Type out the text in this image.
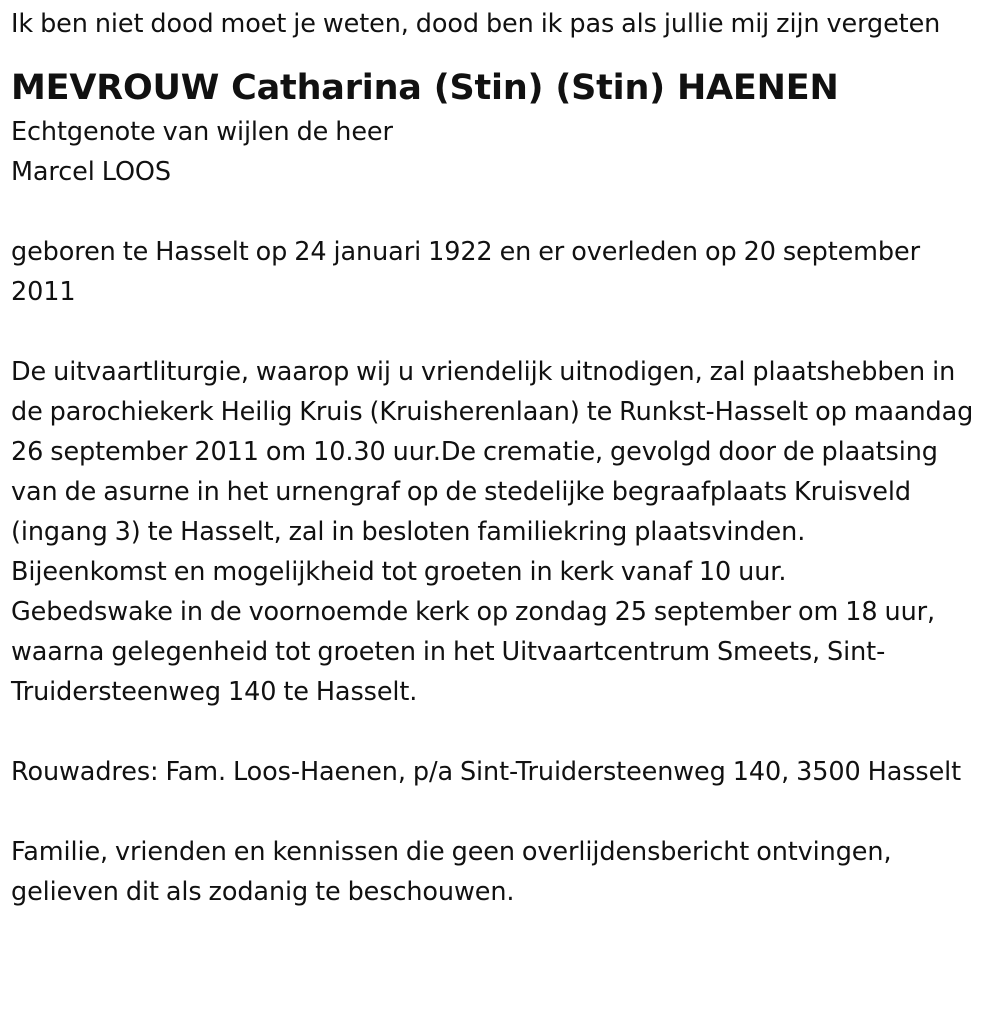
Ik ben niet dood moet je weten, dood ben ik pas als jullie mij zijn vergeten

MEVROUW Catharina (Stin) (Stin) HAENEN

Echtgenote van wijlen de heer

Marcel LOOS

geboren te Hasselt op 24 januari 1922 en er overleden op 20 september 2011

De uitvaartliturgie, waarop wij u vriendelijk uitnodigen, zal plaatshebben in de parochiekerk Heilig Kruis (Kruisherenlaan) te Runkst-Hasselt op maandag 26 september 2011 om 10.30 uur.De crematie, gevolgd door de plaatsing van de asurne in het urnengraf op de stedelijke begraafplaats Kruisveld (ingang 3) te Hasselt, zal in besloten familiekring plaatsvinden.

Bijeenkomst en mogelijkheid tot groeten in kerk vanaf 10 uur.

Gebedswake in de voornoemde kerk op zondag 25 september om 18 uur, waarna gelegenheid tot groeten in het Uitvaartcentrum Smeets, Sint-Truidersteenweg 140 te Hasselt.

Rouwadres: Fam. Loos-Haenen, p/a Sint-Truidersteenweg 140, 3500 Hasselt

Familie, vrienden en kennissen die geen overlijdensbericht ontvingen, gelieven dit als zodanig te beschouwen.
